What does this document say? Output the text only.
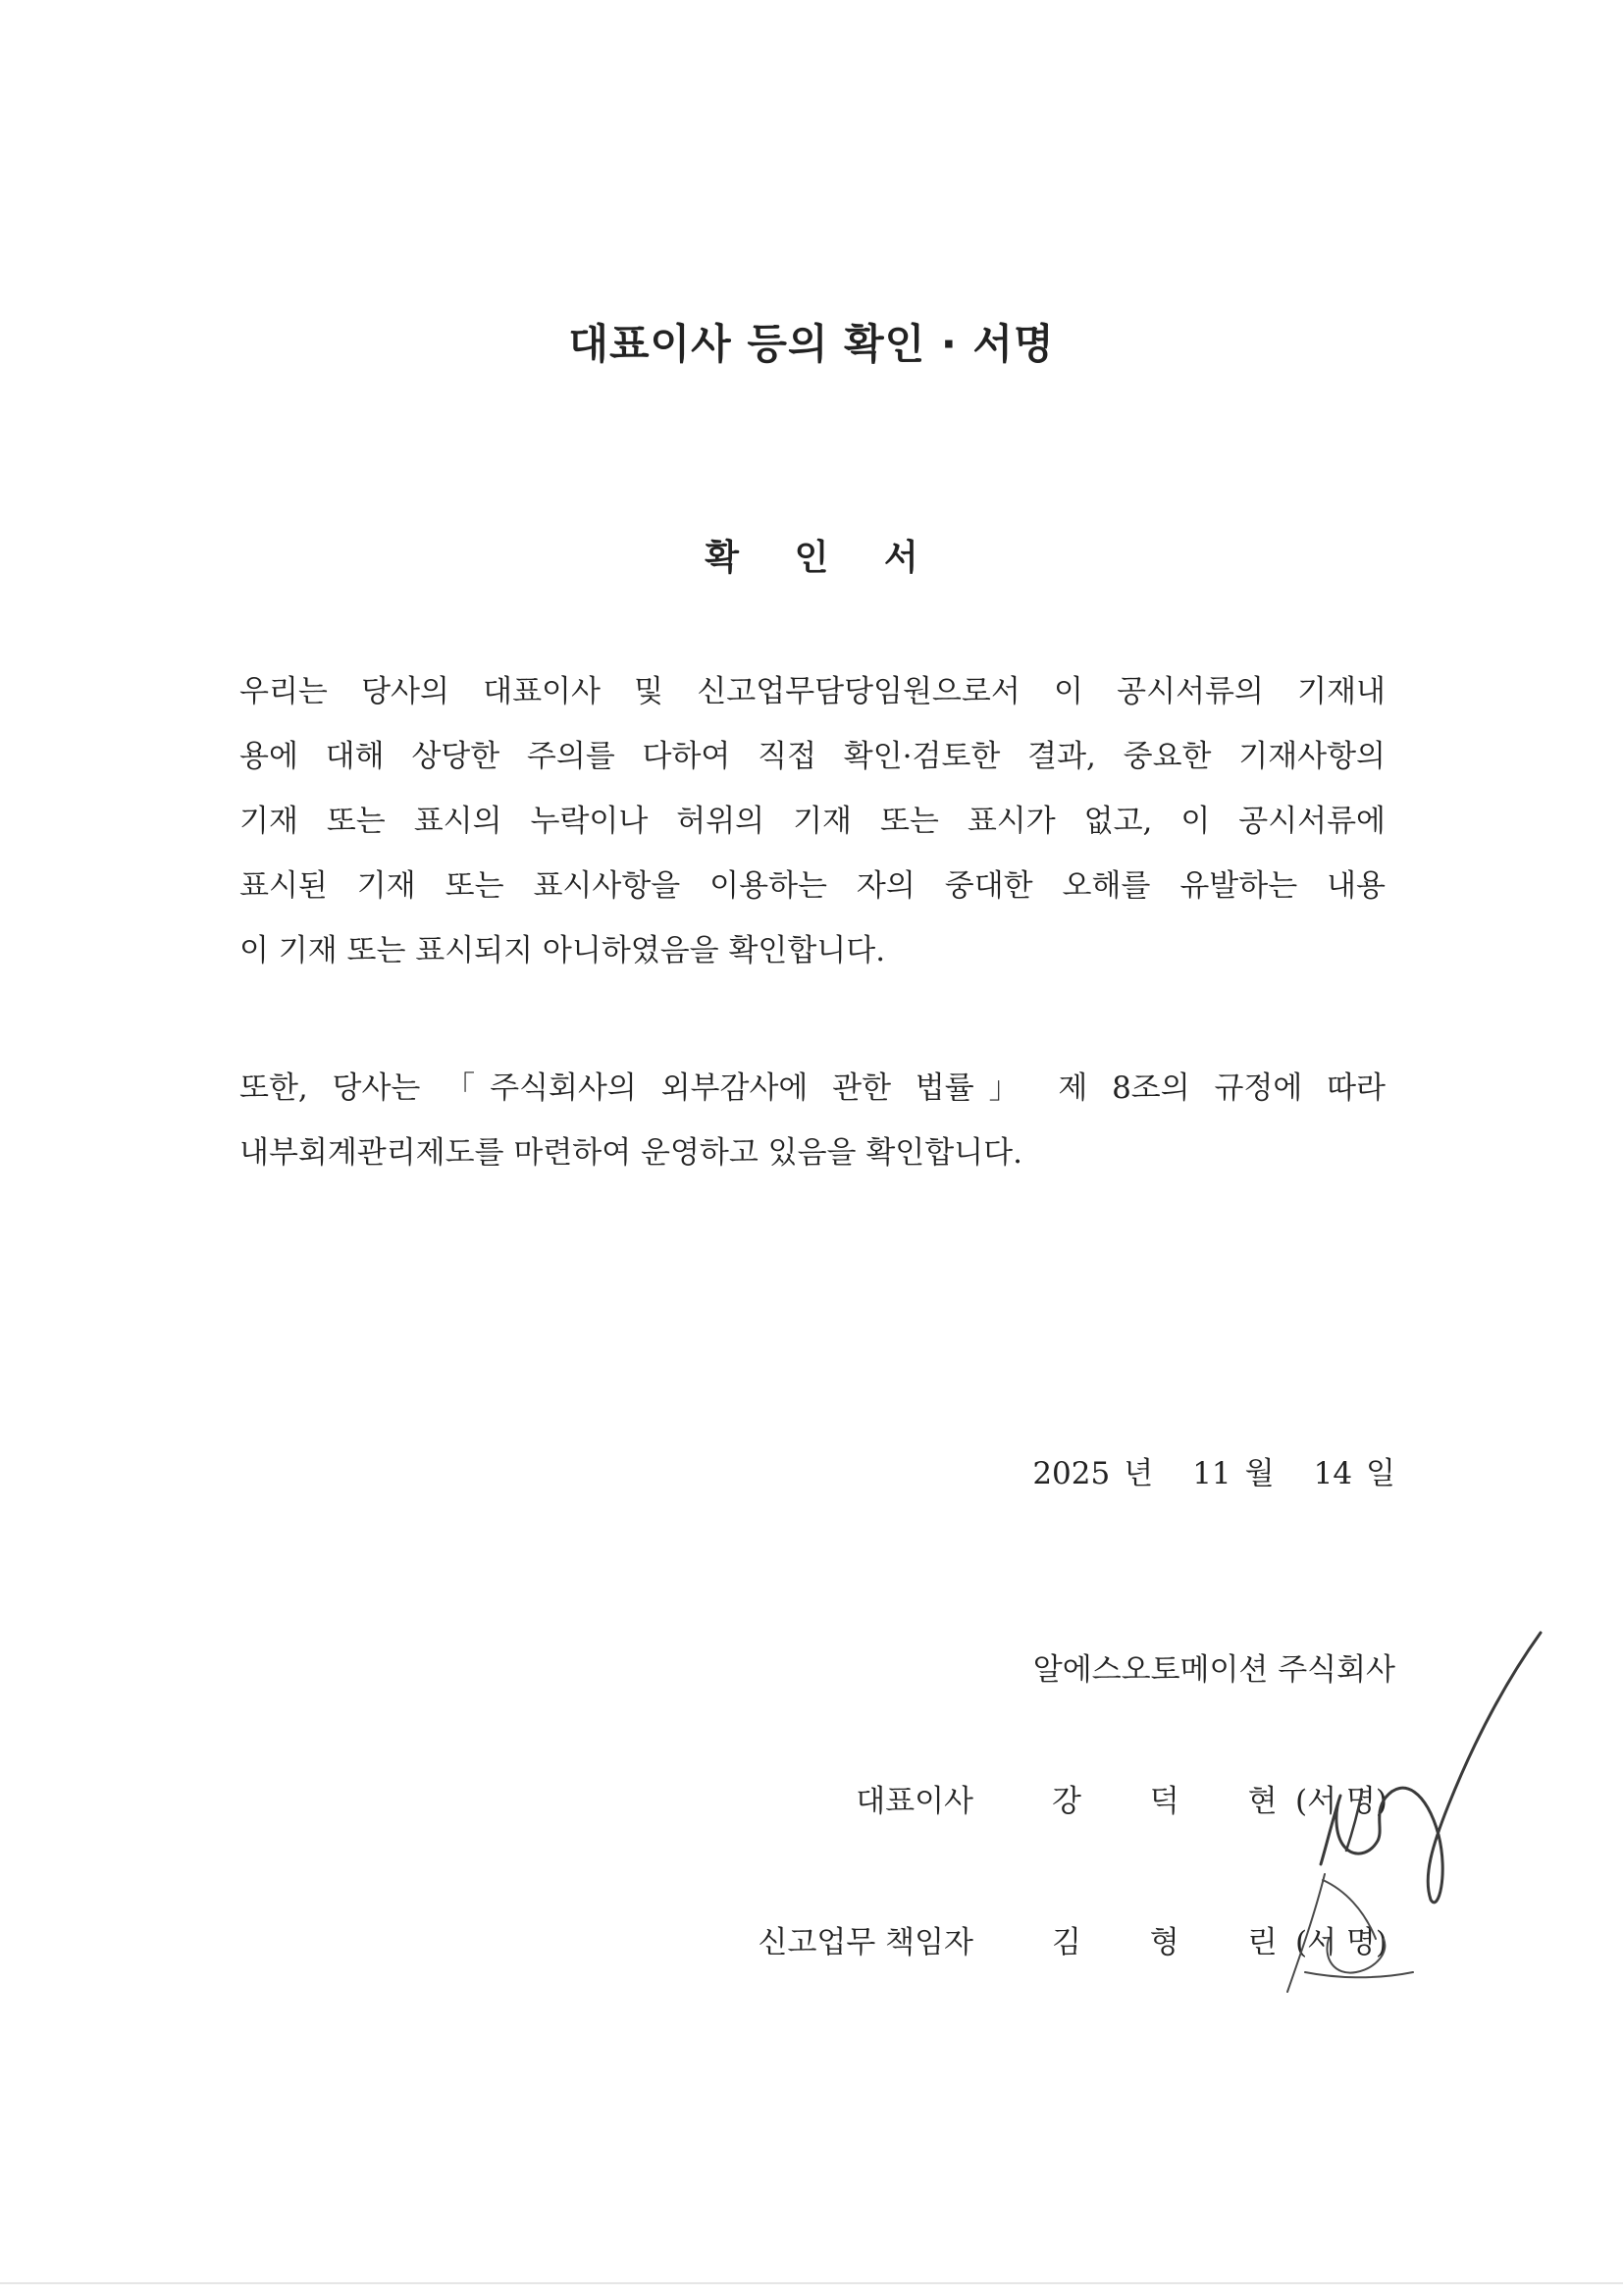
대표이사 등의 확인 · 서명
확 인 서
우리는 당사의 대표이사 및 신고업무담당임원으로서 이 공시서류의 기재내
용에 대해 상당한 주의를 다하여 직접 확인·검토한 결과, 중요한 기재사항의
기재 또는 표시의 누락이나 허위의 기재 또는 표시가 없고, 이 공시서류에
표시된 기재 또는 표시사항을 이용하는 자의 중대한 오해를 유발하는 내용
이 기재 또는 표시되지 아니하였음을 확인합니다.
또한, 당사는 「주식회사의 외부감사에 관한 법률」 제 8조의 규정에 따라
내부회계관리제도를 마련하여 운영하고 있음을 확인합니다.
2025 년 11 월 14 일
알에스오토메이션 주식회사
대표이사	강 덕 현
(서 명)
신고업무 책임자	김 형 린
(서 명)
